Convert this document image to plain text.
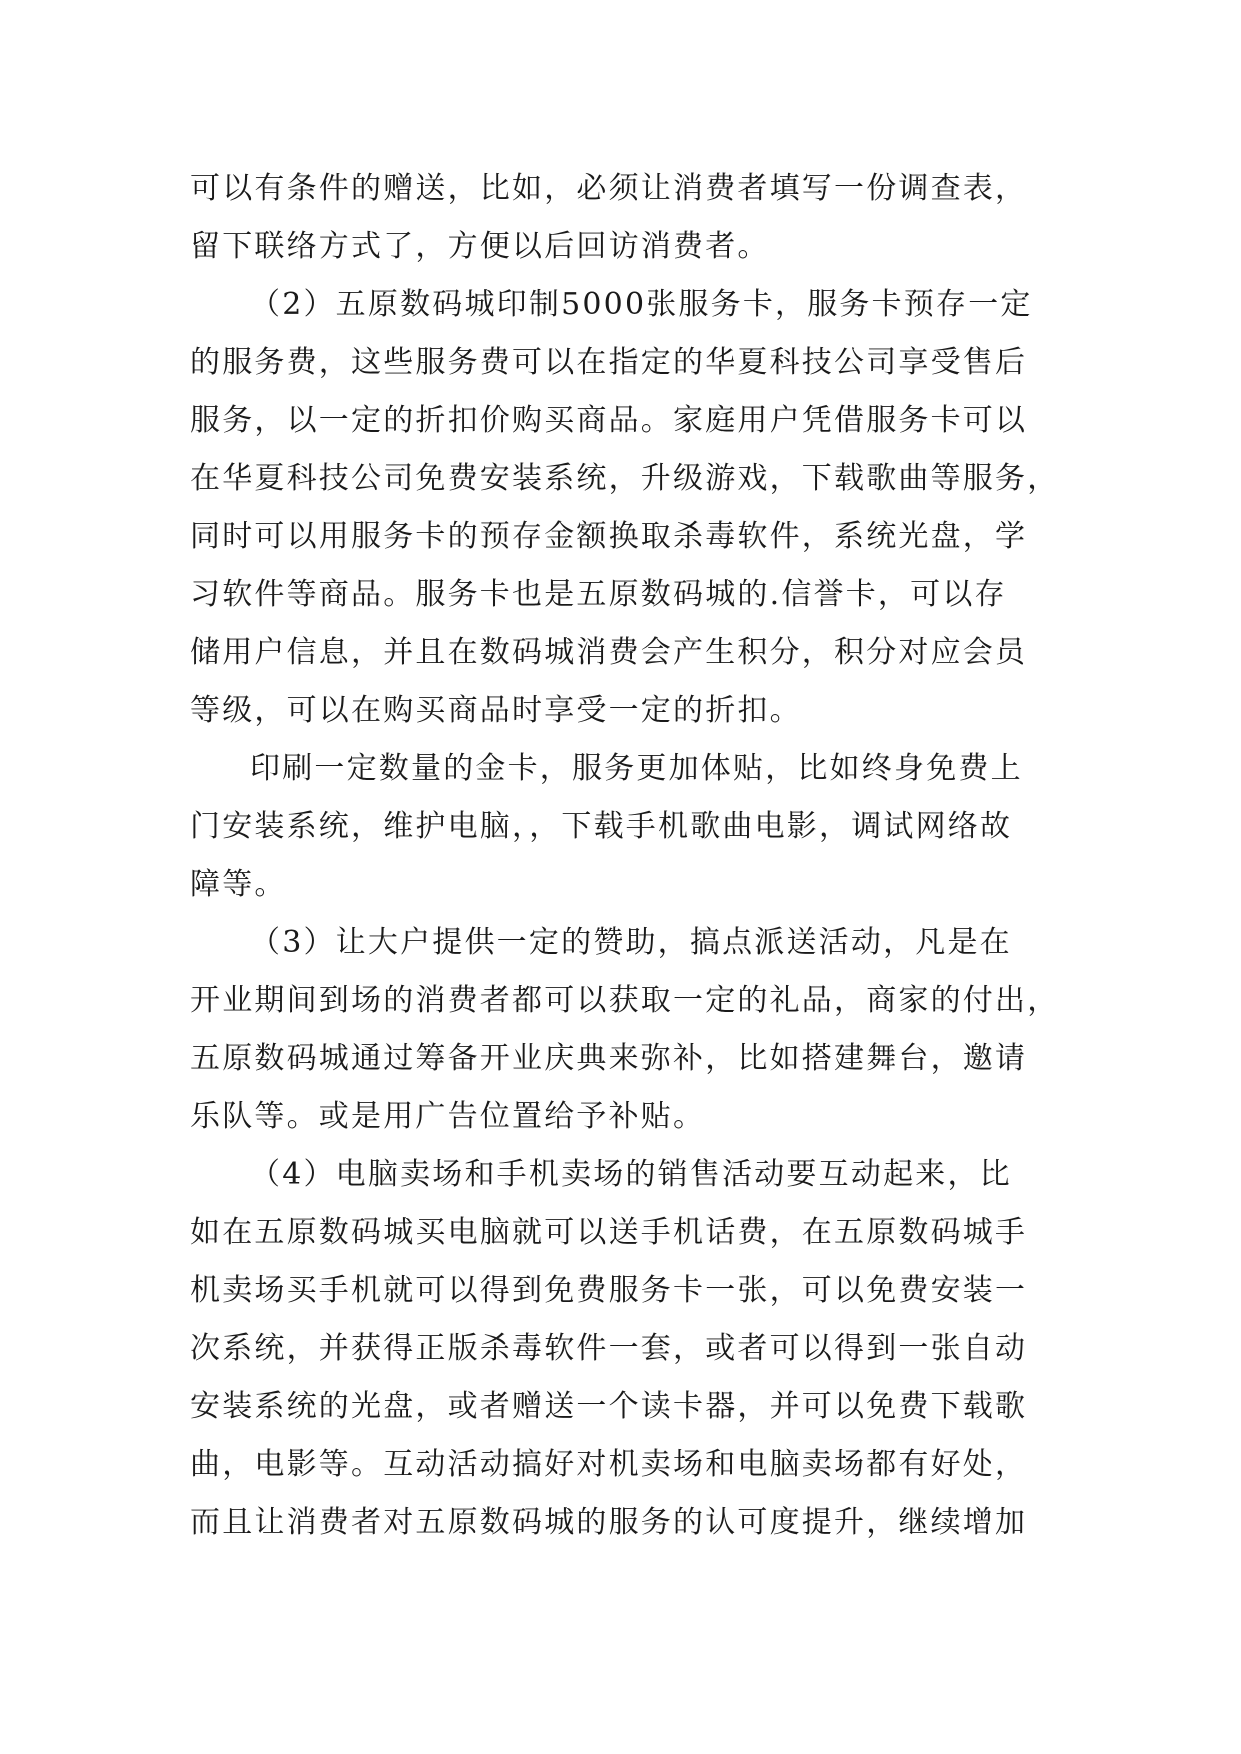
可以有条件的赠送，比如，必须让消费者填写一份调查表，
留下联络方式了，方便以后回访消费者。
（2）五原数码城印制5000张服务卡，服务卡预存一定
的服务费，这些服务费可以在指定的华夏科技公司享受售后
服务，以一定的折扣价购买商品。家庭用户凭借服务卡可以
在华夏科技公司免费安装系统，升级游戏，下载歌曲等服务，
同时可以用服务卡的预存金额换取杀毒软件，系统光盘，学
习软件等商品。服务卡也是五原数码城的.信誉卡，可以存
储用户信息，并且在数码城消费会产生积分，积分对应会员
等级，可以在购买商品时享受一定的折扣。
印刷一定数量的金卡，服务更加体贴，比如终身免费上
门安装系统，维护电脑，，下载手机歌曲电影，调试网络故
障等。
（3）让大户提供一定的赞助，搞点派送活动，凡是在
开业期间到场的消费者都可以获取一定的礼品，商家的付出，
五原数码城通过筹备开业庆典来弥补，比如搭建舞台，邀请
乐队等。或是用广告位置给予补贴。
（4）电脑卖场和手机卖场的销售活动要互动起来，比
如在五原数码城买电脑就可以送手机话费，在五原数码城手
机卖场买手机就可以得到免费服务卡一张，可以免费安装一
次系统，并获得正版杀毒软件一套，或者可以得到一张自动
安装系统的光盘，或者赠送一个读卡器，并可以免费下载歌
曲，电影等。互动活动搞好对机卖场和电脑卖场都有好处，
而且让消费者对五原数码城的服务的认可度提升，继续增加
